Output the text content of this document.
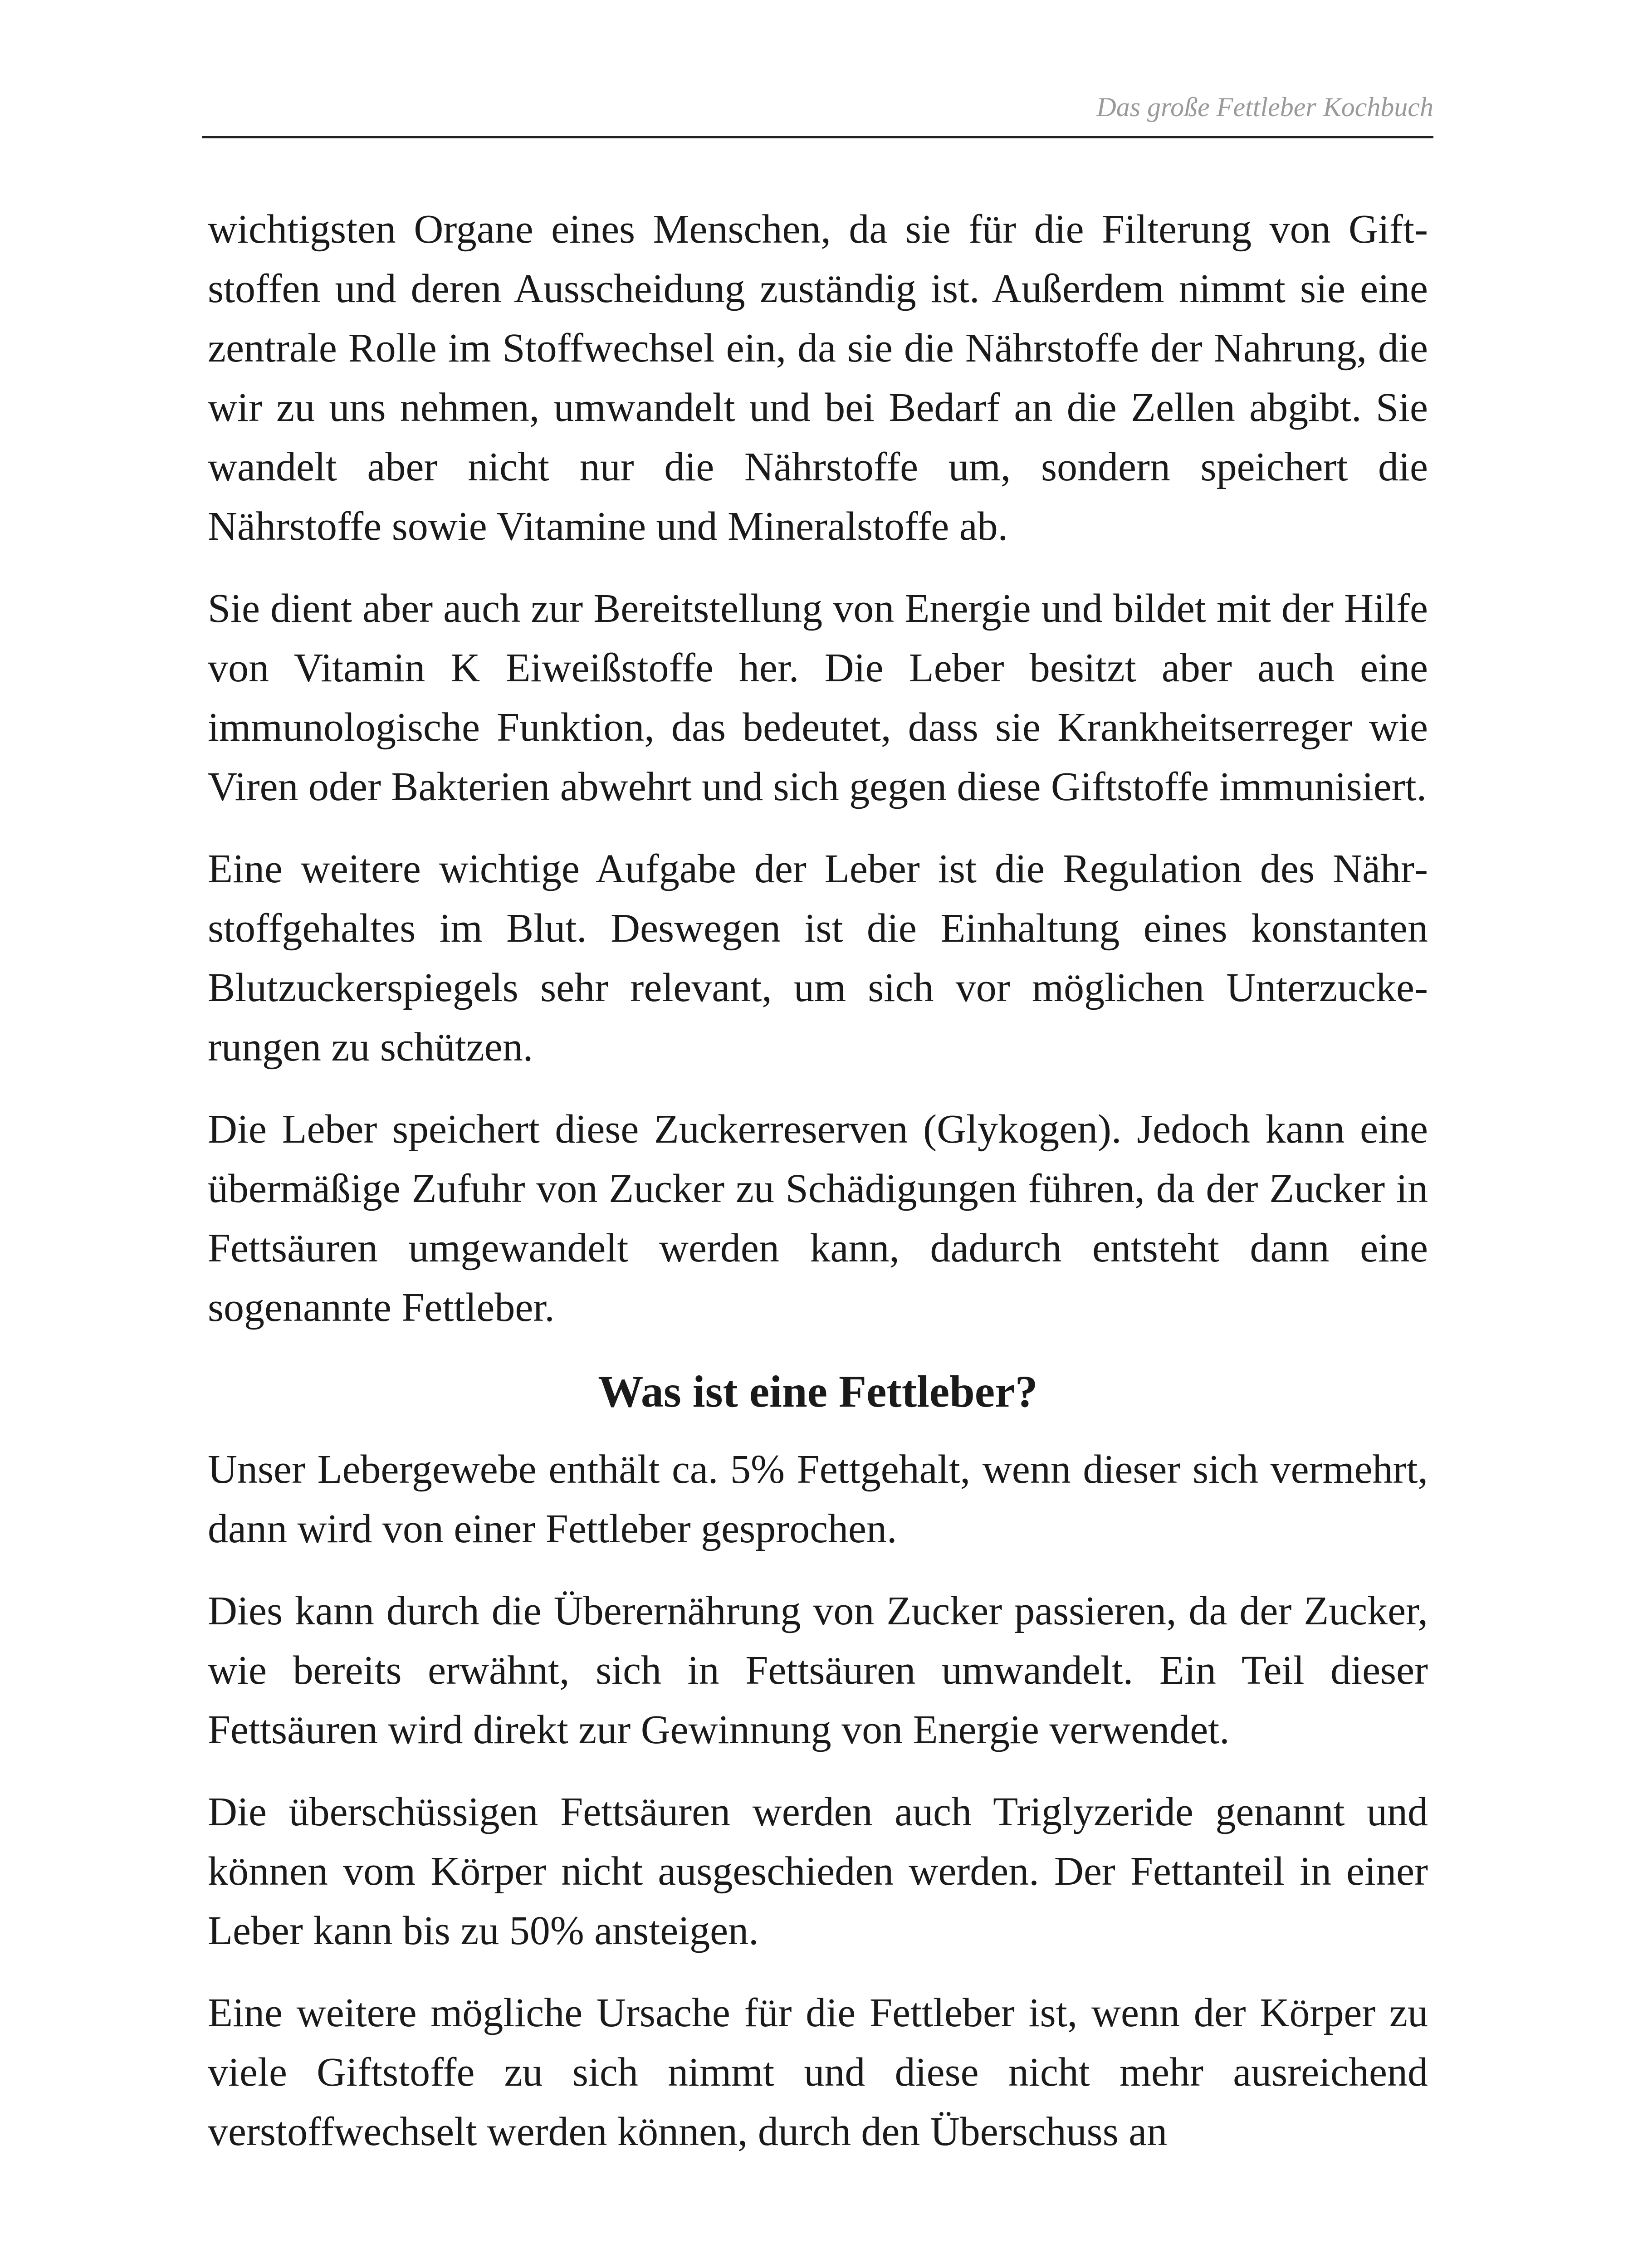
Das große Fettleber Kochbuch

wichtigsten Organe eines Menschen, da sie für die Filterung von Giftstoffen und deren Ausscheidung zuständig ist. Außerdem nimmt sie eine zentrale Rolle im Stoffwechsel ein, da sie die Nährstoffe der Nahrung, die wir zu uns nehmen, umwandelt und bei Bedarf an die Zellen abgibt. Sie wandelt aber nicht nur die Nährstoffe um, sondern speichert die Nährstoffe sowie Vitamine und Mineralstoffe ab.

Sie dient aber auch zur Bereitstellung von Energie und bildet mit der Hilfe von Vitamin K Eiweißstoffe her. Die Leber besitzt aber auch eine immunologische Funktion, das bedeutet, dass sie Krankheitserreger wie Viren oder Bakterien abwehrt und sich gegen diese Giftstoffe immunisiert.

Eine weitere wichtige Aufgabe der Leber ist die Regulation des Nährstoffgehaltes im Blut. Deswegen ist die Einhaltung eines konstanten Blutzuckerspiegels sehr relevant, um sich vor möglichen Unterzuckerungen zu schützen.

Die Leber speichert diese Zuckerreserven (Glykogen). Jedoch kann eine übermäßige Zufuhr von Zucker zu Schädigungen führen, da der Zucker in Fettsäuren umgewandelt werden kann, dadurch entsteht dann eine sogenannte Fettleber.

Was ist eine Fettleber?

Unser Lebergewebe enthält ca. 5% Fettgehalt, wenn dieser sich vermehrt, dann wird von einer Fettleber gesprochen.

Dies kann durch die Überernährung von Zucker passieren, da der Zucker, wie bereits erwähnt, sich in Fettsäuren umwandelt. Ein Teil dieser Fettsäuren wird direkt zur Gewinnung von Energie verwendet.

Die überschüssigen Fettsäuren werden auch Triglyzeride genannt und können vom Körper nicht ausgeschieden werden. Der Fettanteil in einer Leber kann bis zu 50% ansteigen.

Eine weitere mögliche Ursache für die Fettleber ist, wenn der Körper zu viele Giftstoffe zu sich nimmt und diese nicht mehr ausreichend verstoffwechselt werden können, durch den Überschuss an
